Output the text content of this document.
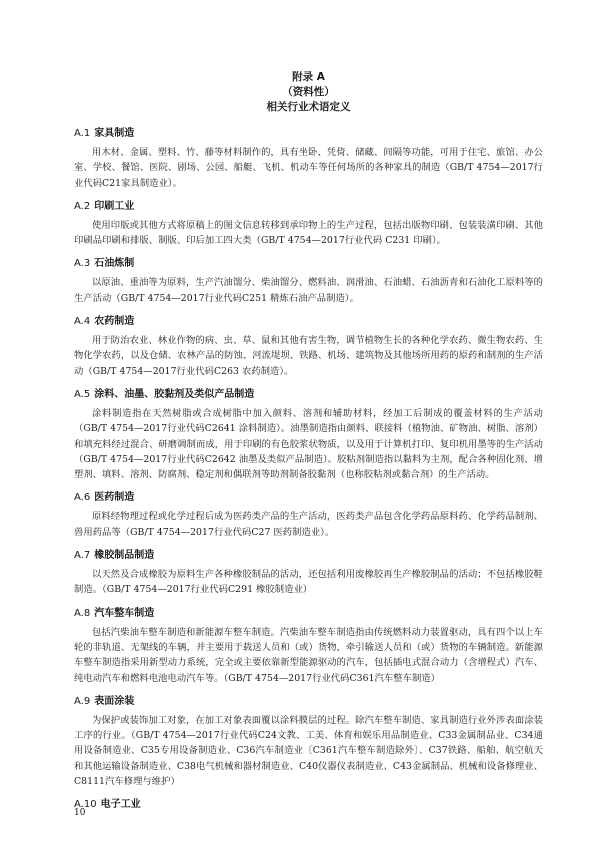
附录 A
（资料性）
相关行业术语定义
A.1 家具制造
用木材、金属、塑料、竹、藤等材料制作的，具有坐卧、凭倚、储藏、间隔等功能，可用于住宅、旅馆、办公室、学校、餐馆、医院、剧场、公园、船艇、飞机、机动车等任何场所的各种家具的制造（GB/T 4754—2017行业代码C21家具制造业）。
A.2 印刷工业
使用印版或其他方式将原稿上的图文信息转移到承印物上的生产过程，包括出版物印刷、包装装潢印刷、其他印刷品印刷和排版、制版、印后加工四大类（GB/T 4754—2017行业代码 C231 印刷）。
A.3 石油炼制
以原油、重油等为原料，生产汽油馏分、柴油馏分、燃料油、润滑油、石油蜡、石油沥青和石油化工原料等的生产活动（GB/T 4754—2017行业代码C251 精炼石油产品制造）。
A.4 农药制造
用于防治农业、林业作物的病、虫、草、鼠和其他有害生物，调节植物生长的各种化学农药、微生物农药、生物化学农药，以及仓储、农林产品的防蚀、河流堤坝、铁路、机场、建筑物及其他场所用药的原药和制剂的生产活动（GB/T 4754—2017行业代码C263 农药制造）。
A.5 涂料、油墨、胶黏剂及类似产品制造
涂料制造指在天然树脂或合成树脂中加入颜料、溶剂和辅助材料，经加工后制成的覆盖材料的生产活动（GB/T 4754—2017行业代码C2641 涂料制造）。油墨制造指由颜料、联接料（植物油、矿物油、树脂、溶剂）和填充料经过混合、研磨调制而成，用于印刷的有色胶浆状物质，以及用于计算机打印、复印机用墨等的生产活动（GB/T 4754—2017行业代码C2642 油墨及类似产品制造）。胶粘剂制造指以黏料为主剂，配合各种固化剂、增塑剂、填料、溶剂、防腐剂、稳定剂和偶联剂等助剂制备胶黏剂（也称胶粘剂或黏合剂）的生产活动。
A.6 医药制造
原料经物理过程或化学过程后成为医药类产品的生产活动，医药类产品包含化学药品原料药、化学药品制剂、兽用药品等（GB/T 4754—2017行业代码C27 医药制造业）。
A.7 橡胶制品制造
以天然及合成橡胶为原料生产各种橡胶制品的活动，还包括利用废橡胶再生产橡胶制品的活动；不包括橡胶鞋制造。（GB/T 4754—2017行业代码C291 橡胶制造业）
A.8 汽车整车制造
包括汽柴油车整车制造和新能源车整车制造。汽柴油车整车制造指由传统燃料动力装置驱动，具有四个以上车轮的非轨道、无架线的车辆，并主要用于载送人员和（或）货物，牵引输送人员和（或）货物的车辆制造。新能源车整车制造指采用新型动力系统，完全或主要依靠新型能源驱动的汽车，包括插电式混合动力（含增程式）汽车、纯电动汽车和燃料电池电动汽车等。（GB/T 4754—2017行业代码C361汽车整车制造）
A.9 表面涂装
为保护或装饰加工对象，在加工对象表面覆以涂料膜层的过程。除汽车整车制造、家具制造行业外涉表面涂装工序的行业。（GB/T 4754—2017行业代码C24文教、工美、体育和娱乐用品制造业、C33金属制品业、C34通用设备制造业、C35专用设备制造业、C36汽车制造业〔C361汽车整车制造除外〕、C37铁路、船舶、航空航天和其他运输设备制造业、C38电气机械和器材制造业、C40仪器仪表制造业、C43金属制品、机械和设备修理业、C8111汽车修理与维护）
A.10 电子工业
10
